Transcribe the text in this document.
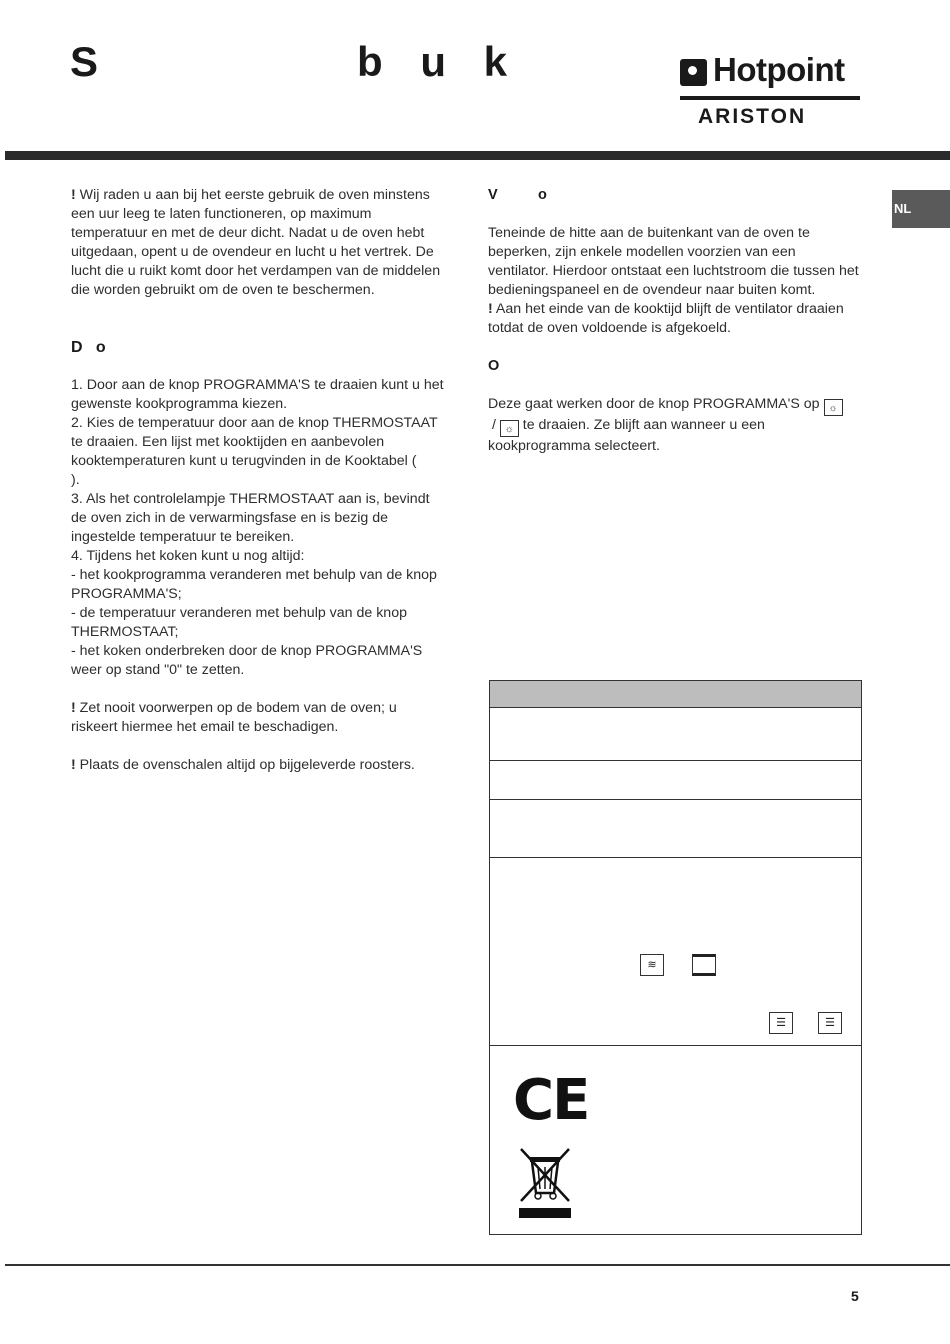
S	b u k	Hotpoint
ARISTON
NL

! Wij raden u aan bij het eerste gebruik de oven minstens een uur leeg te laten functioneren, op maximum temperatuur en met de deur dicht. Nadat u de oven hebt uitgedaan, opent u de ovendeur en lucht u het vertrek. De lucht die u ruikt komt door het verdampen van de middelen die worden gebruikt om de oven te beschermen.

D   o

1. Door aan de knop PROGRAMMA'S te draaien kunt u het gewenste kookprogramma kiezen.

2. Kies de temperatuur door aan de knop THERMOSTAAT te draaien. Een lijst met kooktijden en aanbevolen kooktemperaturen kunt u terugvinden in de Kooktabel (                          ).

3. Als het controlelampje THERMOSTAAT aan is, bevindt de oven zich in de verwarmingsfase en is bezig de ingestelde temperatuur te bereiken.

4. Tijdens het koken kunt u nog altijd:

- het kookprogramma veranderen met behulp van de knop PROGRAMMA'S;

- de temperatuur veranderen met behulp van de knop THERMOSTAAT;

- het koken onderbreken door de knop PROGRAMMA'S weer op stand "0" te zetten.

! Zet nooit voorwerpen op de bodem van de oven; u riskeert hiermee het email te beschadigen.

! Plaats de ovenschalen altijd op bijgeleverde roosters.

V          o

Teneinde de hitte aan de buitenkant van de oven te beperken, zijn enkele modellen voorzien van een ventilator. Hierdoor ontstaat een luchtstroom die tussen het bedieningspaneel en de ovendeur naar buiten komt.

! Aan het einde van de kooktijd blijft de ventilator draaien totdat de oven voldoende is afgekoeld.

O

Deze gaat werken door de knop PROGRAMMA'S op ☼ / ☼ te draaien. Ze blijft aan wanneer u een kookprogramma selecteert.

≋
☰	☰
CE
5
